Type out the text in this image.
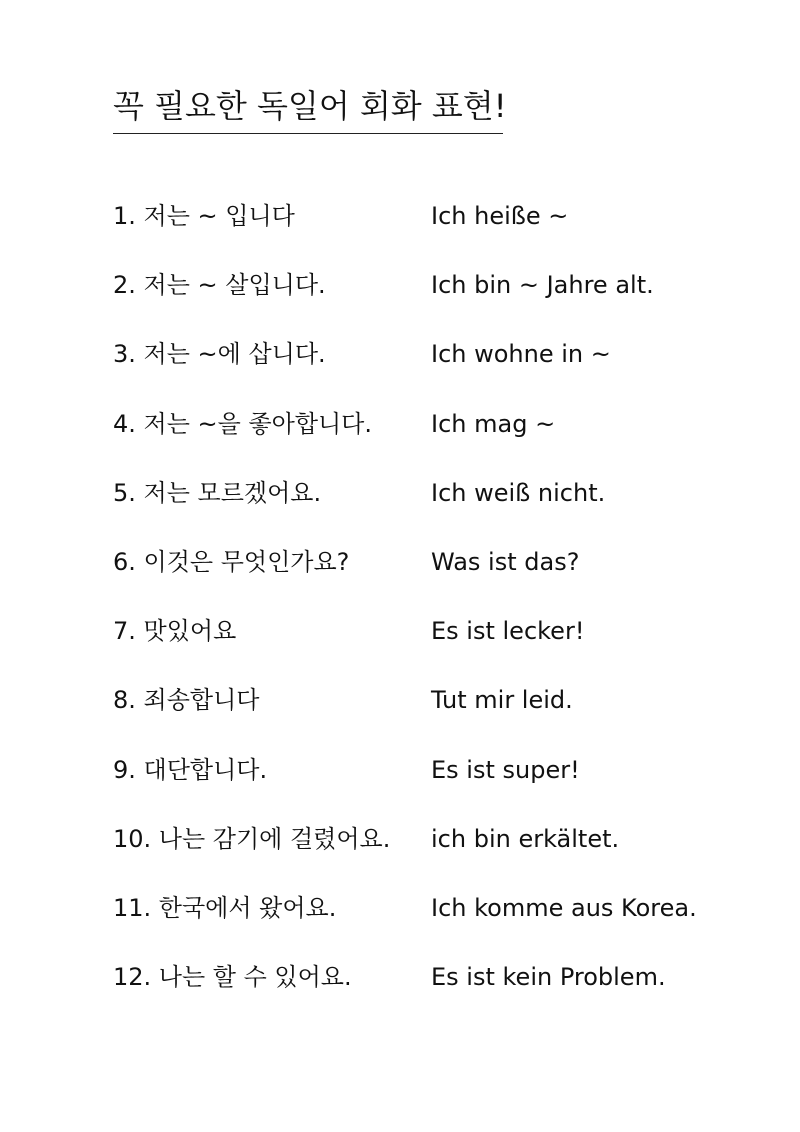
꼭 필요한 독일어 회화 표현!
1. 저는 ~ 입니다	Ich heiße ~
2. 저는 ~ 살입니다.	Ich bin ~ Jahre alt.
3. 저는 ~에 삽니다.	Ich wohne in ~
4. 저는 ~을 좋아합니다. Ich mag ~
5. 저는 모르겠어요.	Ich weiß nicht.
6. 이것은 무엇인가요?	Was ist das?
7. 맛있어요	Es ist lecker!
8. 죄송합니다	Tut mir leid.
9. 대단합니다.	Es ist super!
10. 나는 감기에 걸렸어요. ich bin erkältet.
11. 한국에서 왔어요.	Ich komme aus Korea.
12. 나는 할 수 있어요.	Es ist kein Problem.
